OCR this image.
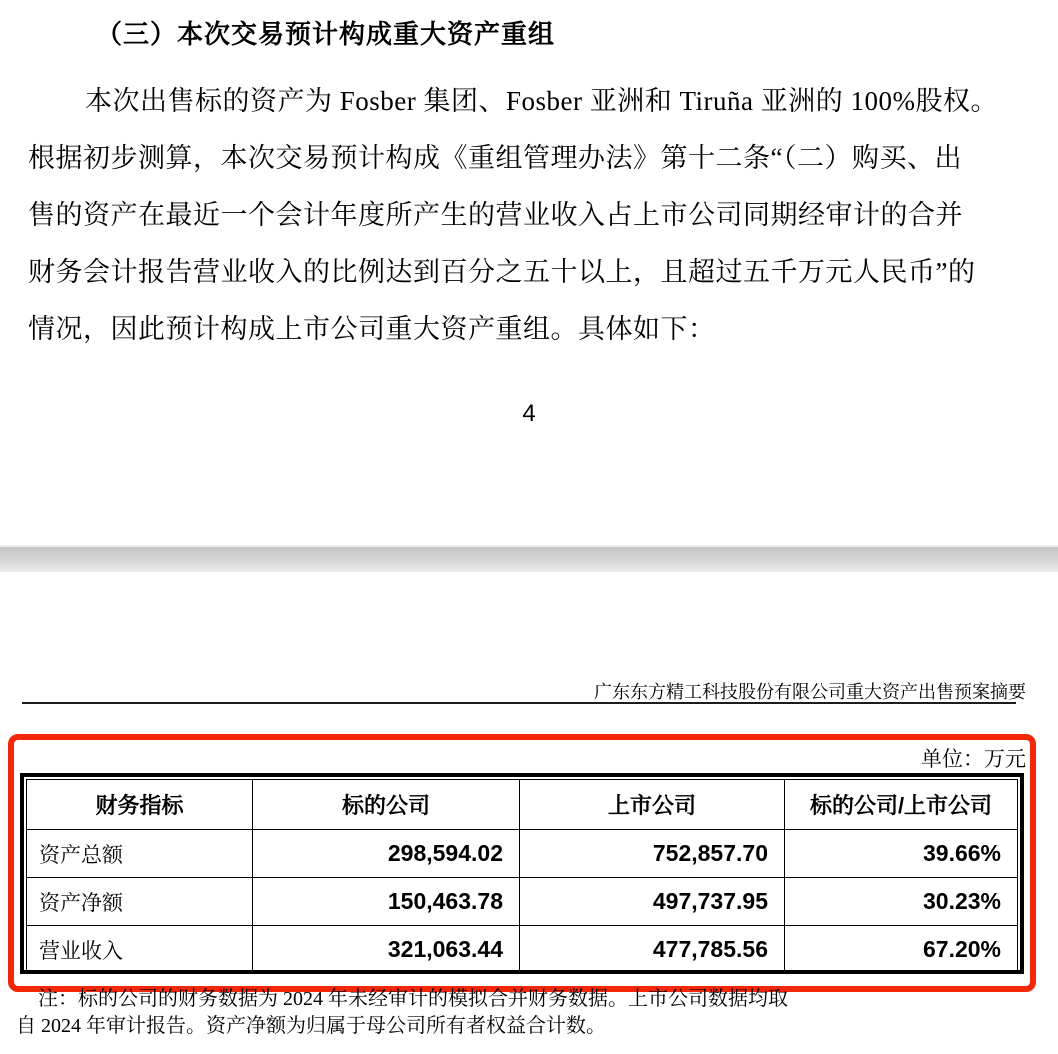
（三）本次交易预计构成重大资产重组
本次出售标的资产为 Fosber 集团、Fosber 亚洲和 Tiruña 亚洲的 100%股权。
根据初步测算，本次交易预计构成《重组管理办法》第十二条“（二）购买、出
售的资产在最近一个会计年度所产生的营业收入占上市公司同期经审计的合并
财务会计报告营业收入的比例达到百分之五十以上，且超过五千万元人民币”的
情况，因此预计构成上市公司重大资产重组。具体如下：
4
广东东方精工科技股份有限公司重大资产出售预案摘要
单位：万元
财务指标	标的公司	上市公司	标的公司/上市公司
资产总额	298,594.02	752,857.70	39.66%
资产净额	150,463.78	497,737.95	30.23%
营业收入	321,063.44	477,785.56	67.20%
注：标的公司的财务数据为 2024 年未经审计的模拟合并财务数据。上市公司数据均取
自 2024 年审计报告。资产净额为归属于母公司所有者权益合计数。
